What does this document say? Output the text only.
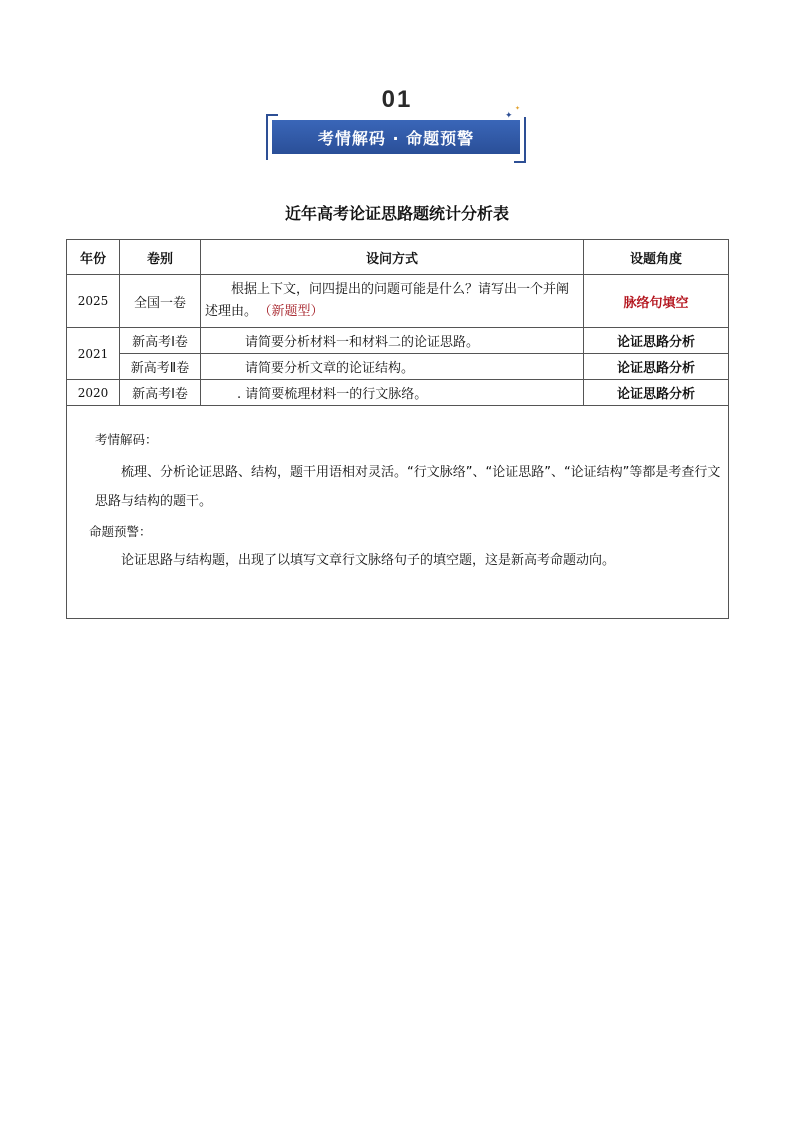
01
考情解码 · 命题预警
✦
✦
近年高考论证思路题统计分析表
年份	卷别	设问方式	设题角度
2025	全国一卷	根据上下文，问四提出的问题可能是什么？请写出一个并阐述理由。 （新题型）	脉络句填空
2021	新高考Ⅰ卷	请简要分析材料一和材料二的论证思路。	论证思路分析
	新高考Ⅱ卷	请简要分析文章的论证结构。	论证思路分析
2020	新高考Ⅰ卷	. 请简要梳理材料一的行文脉络。	论证思路分析

考情解码：
梳理、分析论证思路、结构，题干用语相对灵活。“行文脉络”、“论证思路”、“论证结构”等都是考查行文思路与结构的题干。
命题预警：
论证思路与结构题，出现了以填写文章行文脉络句子的填空题，这是新高考命题动向。			
